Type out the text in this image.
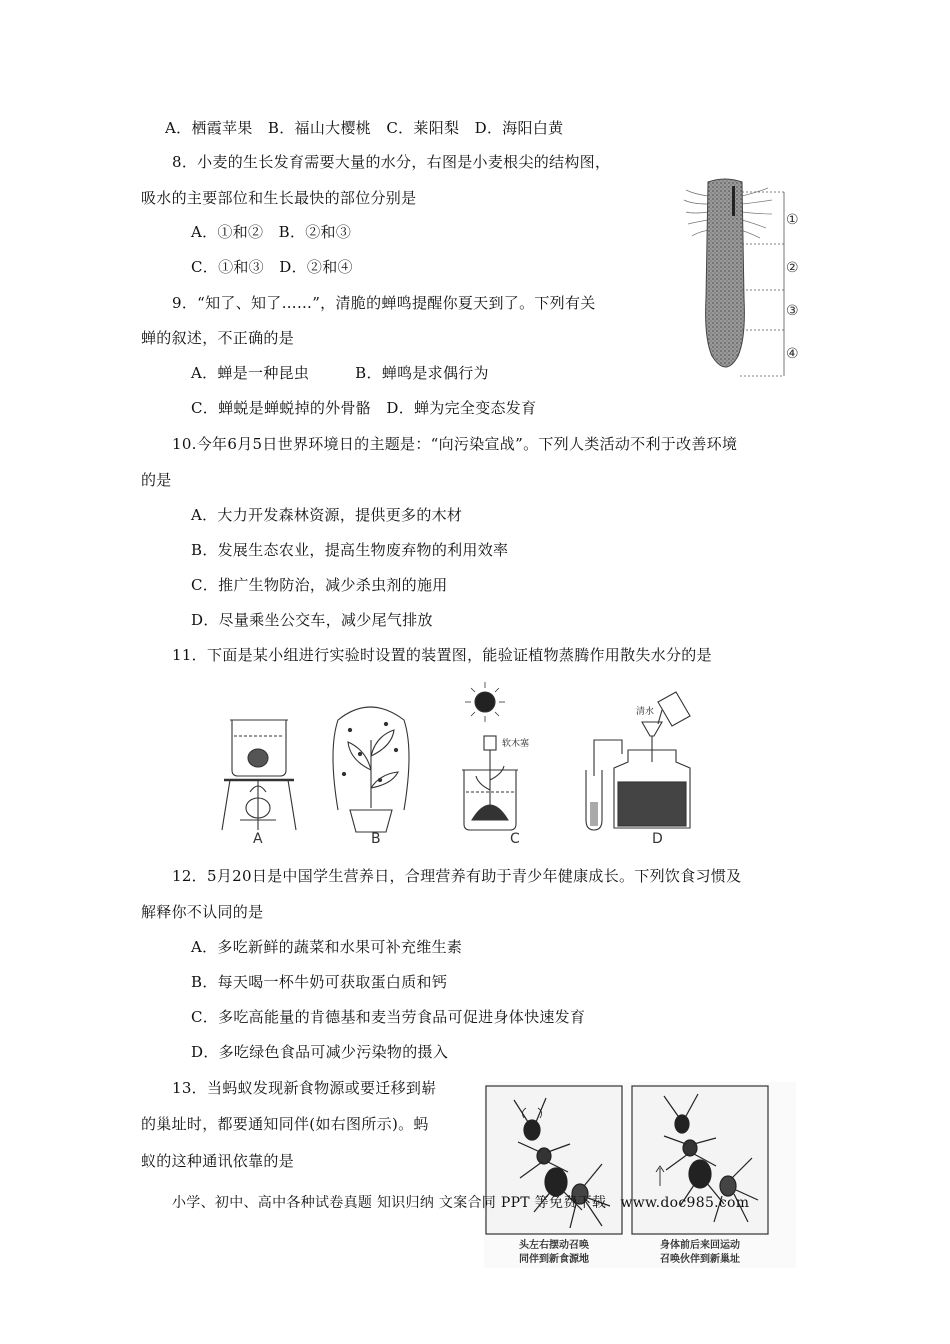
A．栖霞苹果　B．福山大樱桃　C．莱阳梨　D．海阳白黄
8．小麦的生长发育需要大量的水分，右图是小麦根尖的结构图，
吸水的主要部位和生长最快的部位分别是
A．①和②　B．②和③
C．①和③　D．②和④
①
②
③
④
9．“知了、知了……”，清脆的蝉鸣提醒你夏天到了。下列有关
蝉的叙述，不正确的是
A．蝉是一种昆虫　　　B．蝉鸣是求偶行为
C．蝉蜕是蝉蜕掉的外骨骼　D．蝉为完全变态发育
10.今年6月5日世界环境日的主题是：“向污染宣战”。下列人类活动不利于改善环境
的是
A．大力开发森林资源，提供更多的木材
B．发展生态农业，提高生物废弃物的利用效率
C．推广生物防治，减少杀虫剂的施用
D．尽量乘坐公交车，减少尾气排放
11．下面是某小组进行实验时设置的装置图，能验证植物蒸腾作用散失水分的是
清水
软木塞
A	B	C	D
12．5月20日是中国学生营养日，合理营养有助于青少年健康成长。下列饮食习惯及
解释你不认同的是
A．多吃新鲜的蔬菜和水果可补充维生素
B．每天喝一杯牛奶可获取蛋白质和钙
C．多吃高能量的肯德基和麦当劳食品可促进身体快速发育
D．多吃绿色食品可减少污染物的摄入
13．当蚂蚁发现新食物源或要迁移到崭
的巢址时，都要通知同伴(如右图所示)。蚂
蚁的这种通讯依靠的是
头左右摆动召唤
同伴到新食源地
身体前后来回运动
召唤伙伴到新巢址
小学、初中、高中各种试卷真题 知识归纳 文案合同 PPT 等免费下载　www.doc985.com
